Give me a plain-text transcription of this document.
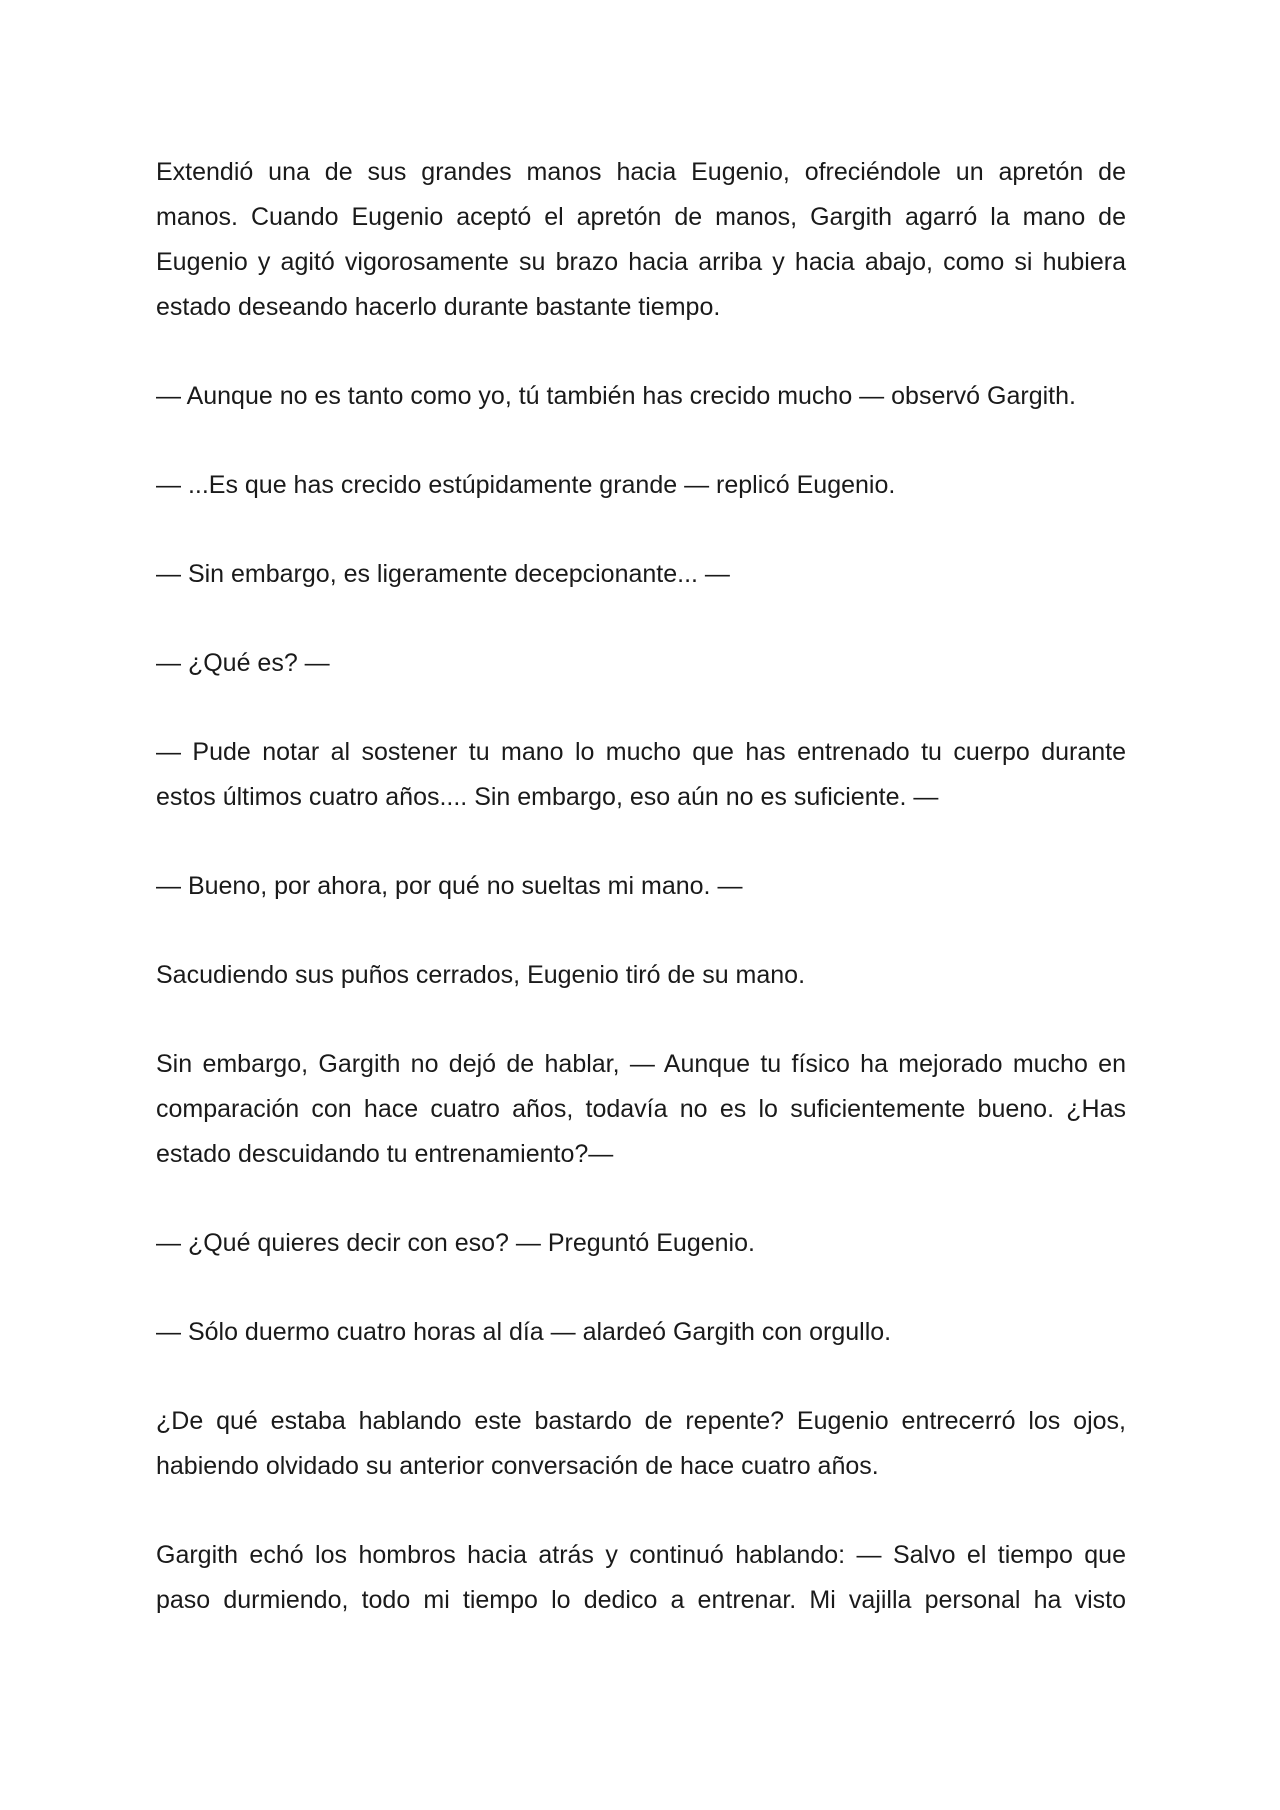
Extendió una de sus grandes manos hacia Eugenio, ofreciéndole un apretón de manos. Cuando Eugenio aceptó el apretón de manos, Gargith agarró la mano de Eugenio y agitó vigorosamente su brazo hacia arriba y hacia abajo, como si hubiera estado deseando hacerlo durante bastante tiempo.

— Aunque no es tanto como yo, tú también has crecido mucho — observó Gargith.

— ...Es que has crecido estúpidamente grande — replicó Eugenio.

— Sin embargo, es ligeramente decepcionante... —

— ¿Qué es? —

— Pude notar al sostener tu mano lo mucho que has entrenado tu cuerpo durante estos últimos cuatro años.... Sin embargo, eso aún no es suficiente. —

— Bueno, por ahora, por qué no sueltas mi mano. —

Sacudiendo sus puños cerrados, Eugenio tiró de su mano.

Sin embargo, Gargith no dejó de hablar, — Aunque tu físico ha mejorado mucho en comparación con hace cuatro años, todavía no es lo suficientemente bueno. ¿Has estado descuidando tu entrenamiento?—

— ¿Qué quieres decir con eso? — Preguntó Eugenio.

— Sólo duermo cuatro horas al día — alardeó Gargith con orgullo.

¿De qué estaba hablando este bastardo de repente? Eugenio entrecerró los ojos, habiendo olvidado su anterior conversación de hace cuatro años.

Gargith echó los hombros hacia atrás y continuó hablando: — Salvo el tiempo que paso durmiendo, todo mi tiempo lo dedico a entrenar. Mi vajilla personal ha visto
